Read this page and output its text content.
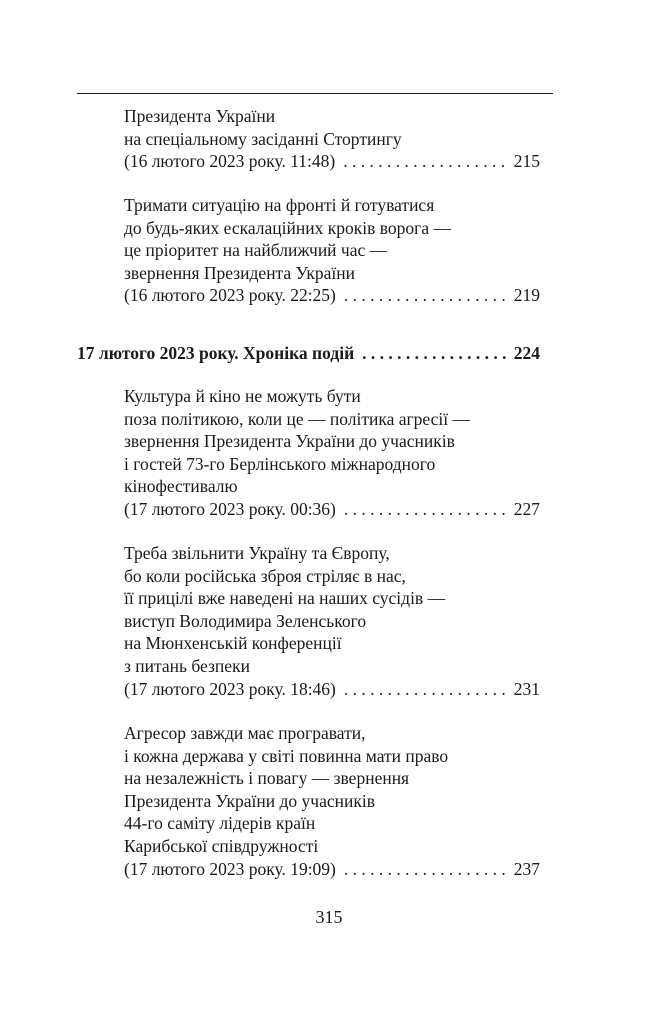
Президента України
на спеціальному засіданні Стортингу
(16 лютого 2023 року. 11:48) . . .	215
Тримати ситуацію на фронті й готуватися
до будь-яких ескалаційних кроків ворога —
це пріоритет на найближчий час —
звернення Президента України
(16 лютого 2023 року. 22:25) . . .	219
17 лютого 2023 року. Хроніка подій . . .	224
Культура й кіно не можуть бути
поза політикою, коли це — політика агресії —
звернення Президента України до учасників
і гостей 73-го Берлінського міжнародного
кінофестивалю
(17 лютого 2023 року. 00:36) . . .	227
Треба звільнити Україну та Європу,
бо коли російська зброя стріляє в нас,
її прицілі вже наведені на наших сусідів —
виступ Володимира Зеленського
на Мюнхенській конференції
з питань безпеки
(17 лютого 2023 року. 18:46) . . .	231
Агресор завжди має програвати,
і кожна держава у світі повинна мати право
на незалежність і повагу — звернення
Президента України до учасників
44-го саміту лідерів країн
Карибської співдружності
(17 лютого 2023 року. 19:09) . . .	237
315
